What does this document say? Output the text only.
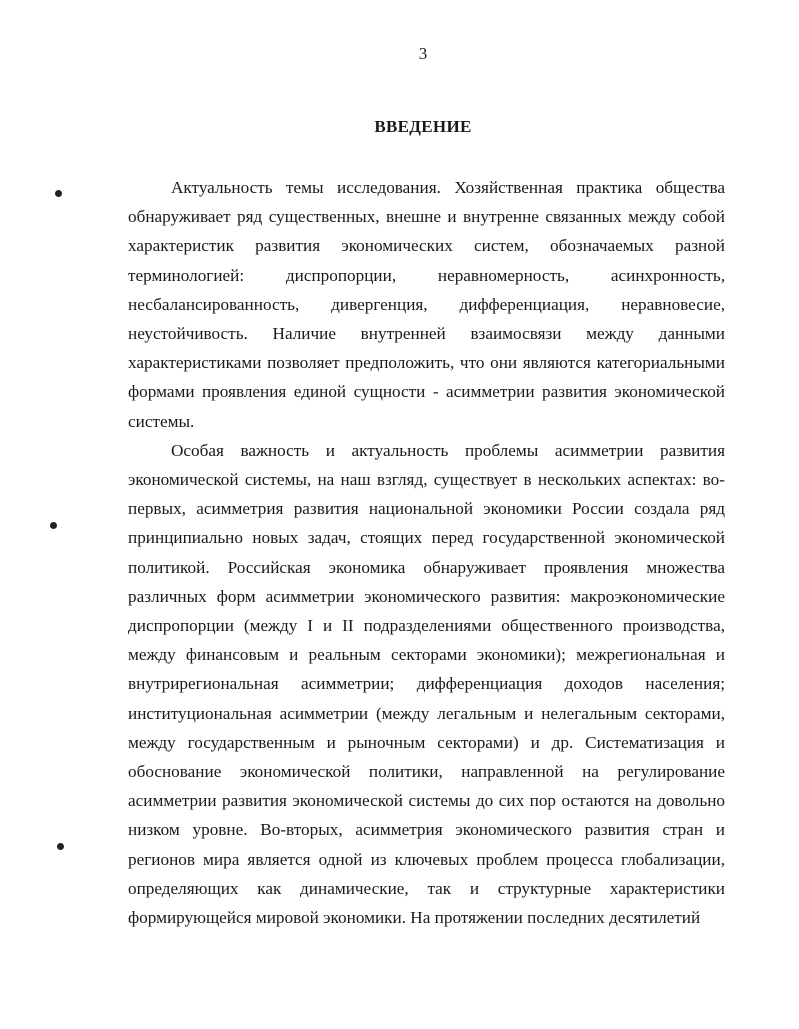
3
ВВЕДЕНИЕ

Актуальность темы исследования. Хозяйственная практика общества обнаруживает ряд существенных, внешне и внутренне связанных между собой характеристик развития экономических систем, обозначаемых разной терминологией: диспропорции, неравномерность, асинхронность, несбалансированность, дивергенция, дифференциация, неравновесие, неустойчивость. Наличие внутренней взаимосвязи между данными характеристиками позволяет предположить, что они являются категориальными формами проявления единой сущности - асимметрии развития экономической системы.

Особая важность и актуальность проблемы асимметрии развития экономической системы, на наш взгляд, существует в нескольких аспектах: во-первых, асимметрия развития национальной экономики России создала ряд принципиально новых задач, стоящих перед государственной экономической политикой. Российская экономика обнаруживает проявления множества различных форм асимметрии экономического развития: макроэкономические диспропорции (между I и II подразделениями общественного производства, между финансовым и реальным секторами экономики); межрегиональная и внутрирегиональная асимметрии; дифференциация доходов населения; институциональная асимметрии (между легальным и нелегальным секторами, между государственным и рыночным секторами) и др. Систематизация и обоснование экономической политики, направленной на регулирование асимметрии развития экономической системы до сих пор остаются на довольно низком уровне. Во-вторых, асимметрия экономического развития стран и регионов мира является одной из ключевых проблем процесса глобализации, определяющих как динамические, так и структурные характеристики формирующейся мировой экономики. На протяжении последних десятилетий
